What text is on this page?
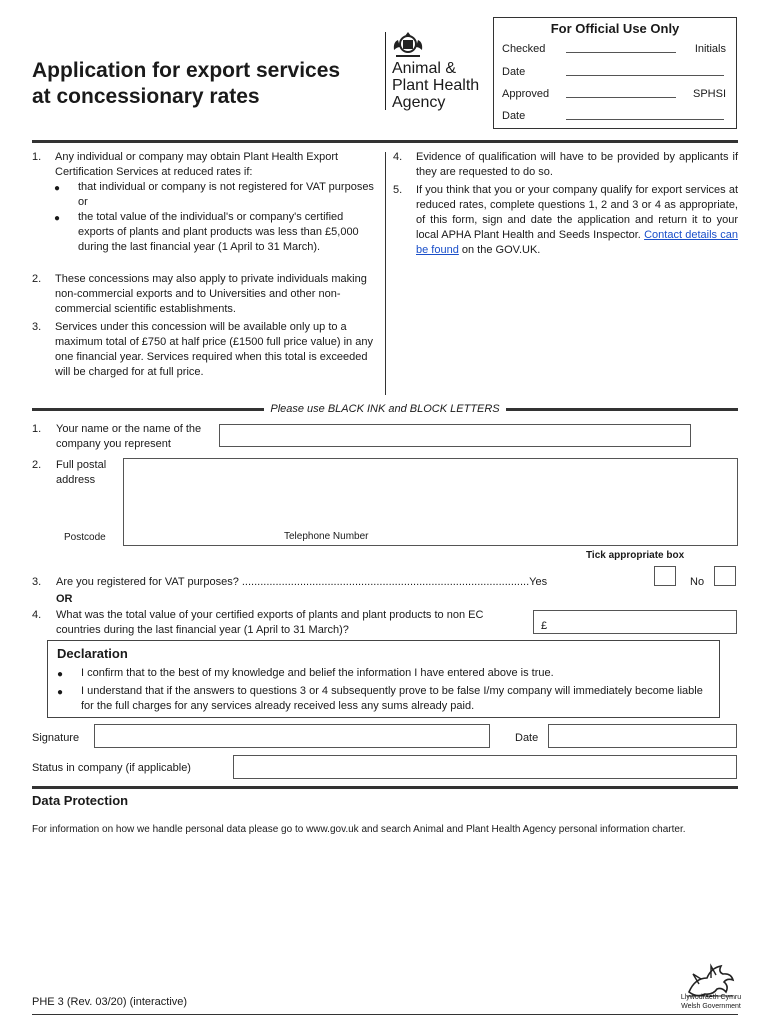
Application for export services
at concessionary rates
Animal &
Plant Health
Agency
For Official Use Only
Checked	Initials
Date
Approved	SPHSI
Date
1. Any individual or company may obtain Plant Health Export Certification Services at reduced rates if:
● that individual or company is not registered for VAT purposes or
● the total value of the individual's or company's certified exports of plants and plant products was less than £5,000 during the last financial year (1 April to 31 March).
2. These concessions may also apply to private individuals making non-commercial exports and to Universities and other non-commercial scientific establishments.
3. Services under this concession will be available only up to a maximum total of £750 at half price (£1500 full price value) in any one financial year. Services required when this total is exceeded will be charged for at full price.
4. Evidence of qualification will have to be provided by applicants if they are requested to do so.
5. If you think that you or your company qualify for export services at reduced rates, complete questions 1, 2 and 3 or 4 as appropriate, of this form, sign and date the application and return it to your local APHA Plant Health and Seeds Inspector. Contact details can be found on the GOV.UK.
Please use BLACK INK and BLOCK LETTERS
1. Your name or the name of the company you represent
2. Full postal address
Postcode	Telephone Number
Tick appropriate box
3. Are you registered for VAT purposes? ..............................................................................................Yes	No
OR
4. What was the total value of your certified exports of plants and plant products to non EC countries during the last financial year (1 April to 31 March)?	£
Declaration
● I confirm that to the best of my knowledge and belief the information I have entered above is true.
● I understand that if the answers to questions 3 or 4 subsequently prove to be false I/my company will immediately become liable for the full charges for any services already received less any sums already paid.
Signature	Date
Status in company (if applicable)
Data Protection
For information on how we handle personal data please go to www.gov.uk and search Animal and Plant Health Agency personal information charter.
PHE 3 (Rev. 03/20) (interactive)	Llywodraeth Cymru
Welsh Government
